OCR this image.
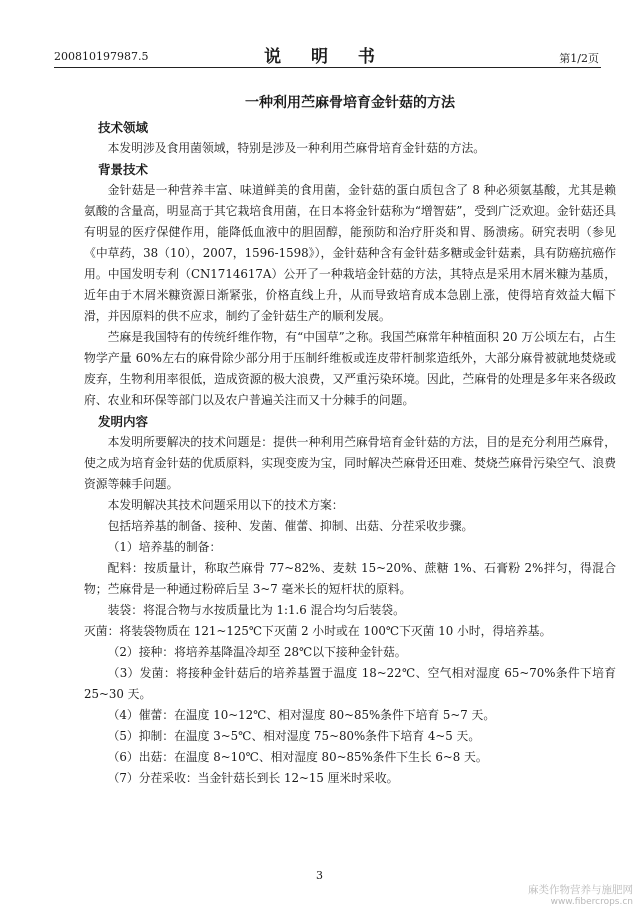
200810197987.5	说 明 书	第1/2页
一种利用苎麻骨培育金针菇的方法
技术领域

本发明涉及食用菌领域，特别是涉及一种利用苎麻骨培育金针菇的方法。

背景技术

金针菇是一种营养丰富、味道鲜美的食用菌，金针菇的蛋白质包含了 8 种必须氨基酸，尤其是赖氨酸的含量高，明显高于其它栽培食用菌，在日本将金针菇称为“增智菇”，受到广泛欢迎。金针菇还具有明显的医疗保健作用，能降低血液中的胆固醇，能预防和治疗肝炎和胃、肠溃疡。研究表明（参见《中草药，38（10），2007，1596-1598》），金针菇种含有金针菇多糖或金针菇素，具有防癌抗癌作用。中国发明专利（CN1714617A）公开了一种栽培金针菇的方法，其特点是采用木屑米糠为基质，近年由于木屑米糠资源日渐紧张，价格直线上升，从而导致培育成本急剧上涨，使得培育效益大幅下滑，并因原料的供不应求，制约了金针菇生产的顺利发展。

苎麻是我国特有的传统纤维作物，有“中国草”之称。我国苎麻常年种植面积 20 万公顷左右，占生物学产量 60%左右的麻骨除少部分用于压制纤维板或连皮带杆制浆造纸外，大部分麻骨被就地焚烧或废弃，生物利用率很低，造成资源的极大浪费，又严重污染环境。因此，苎麻骨的处理是多年来各级政府、农业和环保等部门以及农户普遍关注而又十分棘手的问题。

发明内容

本发明所要解决的技术问题是：提供一种利用苎麻骨培育金针菇的方法，目的是充分利用苎麻骨，使之成为培育金针菇的优质原料，实现变废为宝，同时解决苎麻骨还田难、焚烧苎麻骨污染空气、浪费资源等棘手问题。

本发明解决其技术问题采用以下的技术方案：

包括培养基的制备、接种、发菌、催蕾、抑制、出菇、分茬采收步骤。

（1）培养基的制备：

配料：按质量计，称取苎麻骨 77~82%、麦麸 15~20%、蔗糖 1%、石膏粉 2%拌匀，得混合物；苎麻骨是一种通过粉碎后呈 3~7 毫米长的短杆状的原料。

装袋：将混合物与水按质量比为 1:1.6 混合均匀后装袋。

灭菌：将装袋物质在 121~125℃下灭菌 2 小时或在 100℃下灭菌 10 小时，得培养基。

（2）接种：将培养基降温冷却至 28℃以下接种金针菇。

（3）发菌：将接种金针菇后的培养基置于温度 18~22℃、空气相对湿度 65~70%条件下培育 25~30 天。

（4）催蕾：在温度 10~12℃、相对湿度 80~85%条件下培育 5~7 天。

（5）抑制：在温度 3~5℃、相对湿度 75~80%条件下培育 4~5 天。

（6）出菇：在温度 8~10℃、相对湿度 80~85%条件下生长 6~8 天。

（7）分茬采收：当金针菇长到长 12~15 厘米时采收。

3
麻类作物营养与施肥网
www.fibercrops.cn
